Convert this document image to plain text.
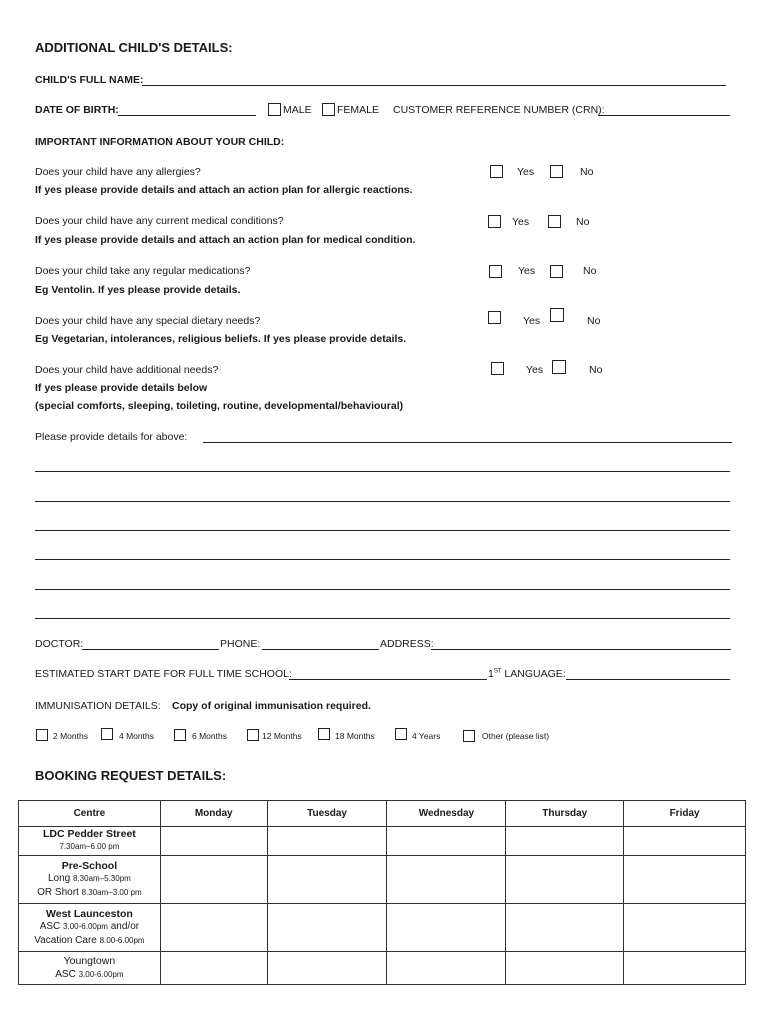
ADDITIONAL CHILD'S DETAILS:
CHILD'S FULL NAME:
DATE OF BIRTH:	MALE FEMALE CUSTOMER REFERENCE NUMBER (CRN):
IMPORTANT INFORMATION ABOUT YOUR CHILD:
Does your child have any allergies?
If yes please provide details and attach an action plan for allergic reactions.
Yes	No
Does your child have any current medical conditions?
If yes please provide details and attach an action plan for medical condition.
Yes	No
Does your child take any regular medications?
Eg Ventolin. If yes please provide details.
Yes	No
Does your child have any special dietary needs?
Eg Vegetarian, intolerances, religious beliefs. If yes please provide details.
Yes	No
Does your child have additional needs?
If yes please provide details below
(special comforts, sleeping, toileting, routine, developmental/behavioural)
Yes	No
Please provide details for above:
DOCTOR:	PHONE:	ADDRESS:
ESTIMATED START DATE FOR FULL TIME SCHOOL:	1ST LANGUAGE:
IMMUNISATION DETAILS: Copy of original immunisation required.
2 Months	4 Months	6 Months	12 Months	18 Months	4 Years	Other (please list)
BOOKING REQUEST DETAILS:
Centre	Monday	Tuesday	Wednesday	Thursday	Friday

LDC Pedder Street
7.30am–6.00 pm					

Pre-School
Long 8.30am–5.30pm
OR Short 8.30am–3.00 pm					

West Launceston
ASC 3.00-6.00pm and/or
Vacation Care 8.00-6.00pm					

Youngtown
ASC 3.00-6.00pm					
